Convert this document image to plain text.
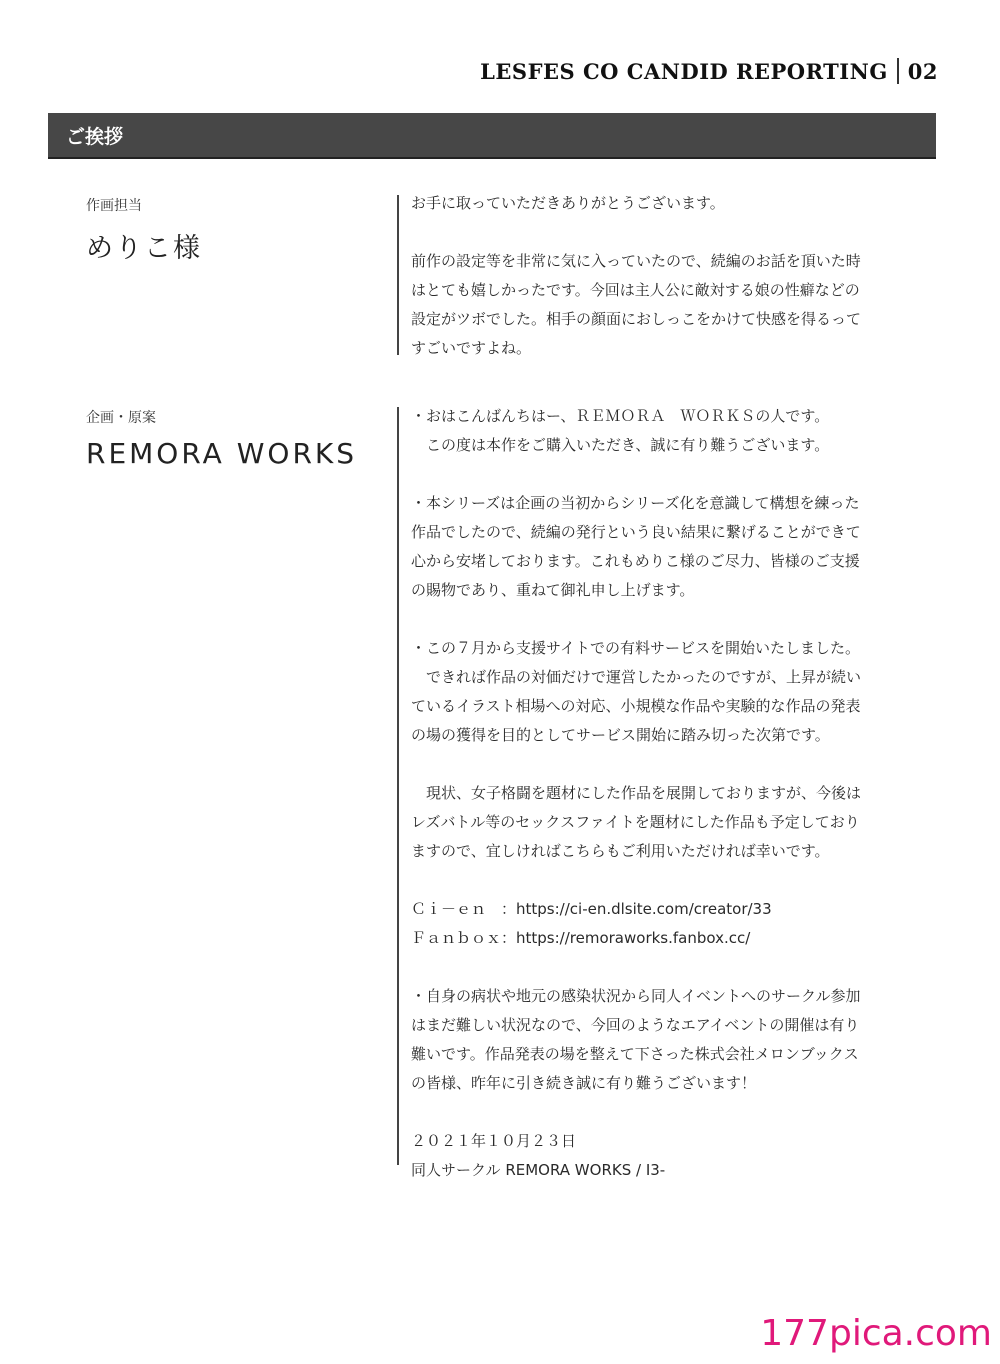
LESFES CO CANDID REPORTING 02
ご挨拶
作画担当
めりこ様

お手に取っていただきありがとうございます。

前作の設定等を非常に気に入っていたので、続編のお話を頂いた時
はとても嬉しかったです。今回は主人公に敵対する娘の性癖などの
設定がツボでした。相手の顔面におしっこをかけて快感を得るって
すごいですよね。

企画・原案
REMORA WORKS

・おはこんばんちはー、ＲＥＭＯＲＡ　ＷＯＲＫＳの人です。
　この度は本作をご購入いただき、誠に有り難うございます。

・本シリーズは企画の当初からシリーズ化を意識して構想を練った
作品でしたので、続編の発行という良い結果に繋げることができて
心から安堵しております。これもめりこ様のご尽力、皆様のご支援
の賜物であり、重ねて御礼申し上げます。

・この７月から支援サイトでの有料サービスを開始いたしました。
　できれば作品の対価だけで運営したかったのですが、上昇が続い
ているイラスト相場への対応、小規模な作品や実験的な作品の発表
の場の獲得を目的としてサービス開始に踏み切った次第です。

　現状、女子格闘を題材にした作品を展開しておりますが、今後は
レズバトル等のセックスファイトを題材にした作品も予定しており
ますので、宜しければこちらもご利用いただければ幸いです。

Ｃｉ－ｅｎ　：https://ci-en.dlsite.com/creator/33
Ｆａｎｂｏｘ：https://remoraworks.fanbox.cc/

・自身の病状や地元の感染状況から同人イベントへのサークル参加
はまだ難しい状況なので、今回のようなエアイベントの開催は有り
難いです。作品発表の場を整えて下さった株式会社メロンブックス
の皆様、昨年に引き続き誠に有り難うございます！

２０２１年１０月２３日
同人サークル REMORA WORKS / I3-
177pica.com
